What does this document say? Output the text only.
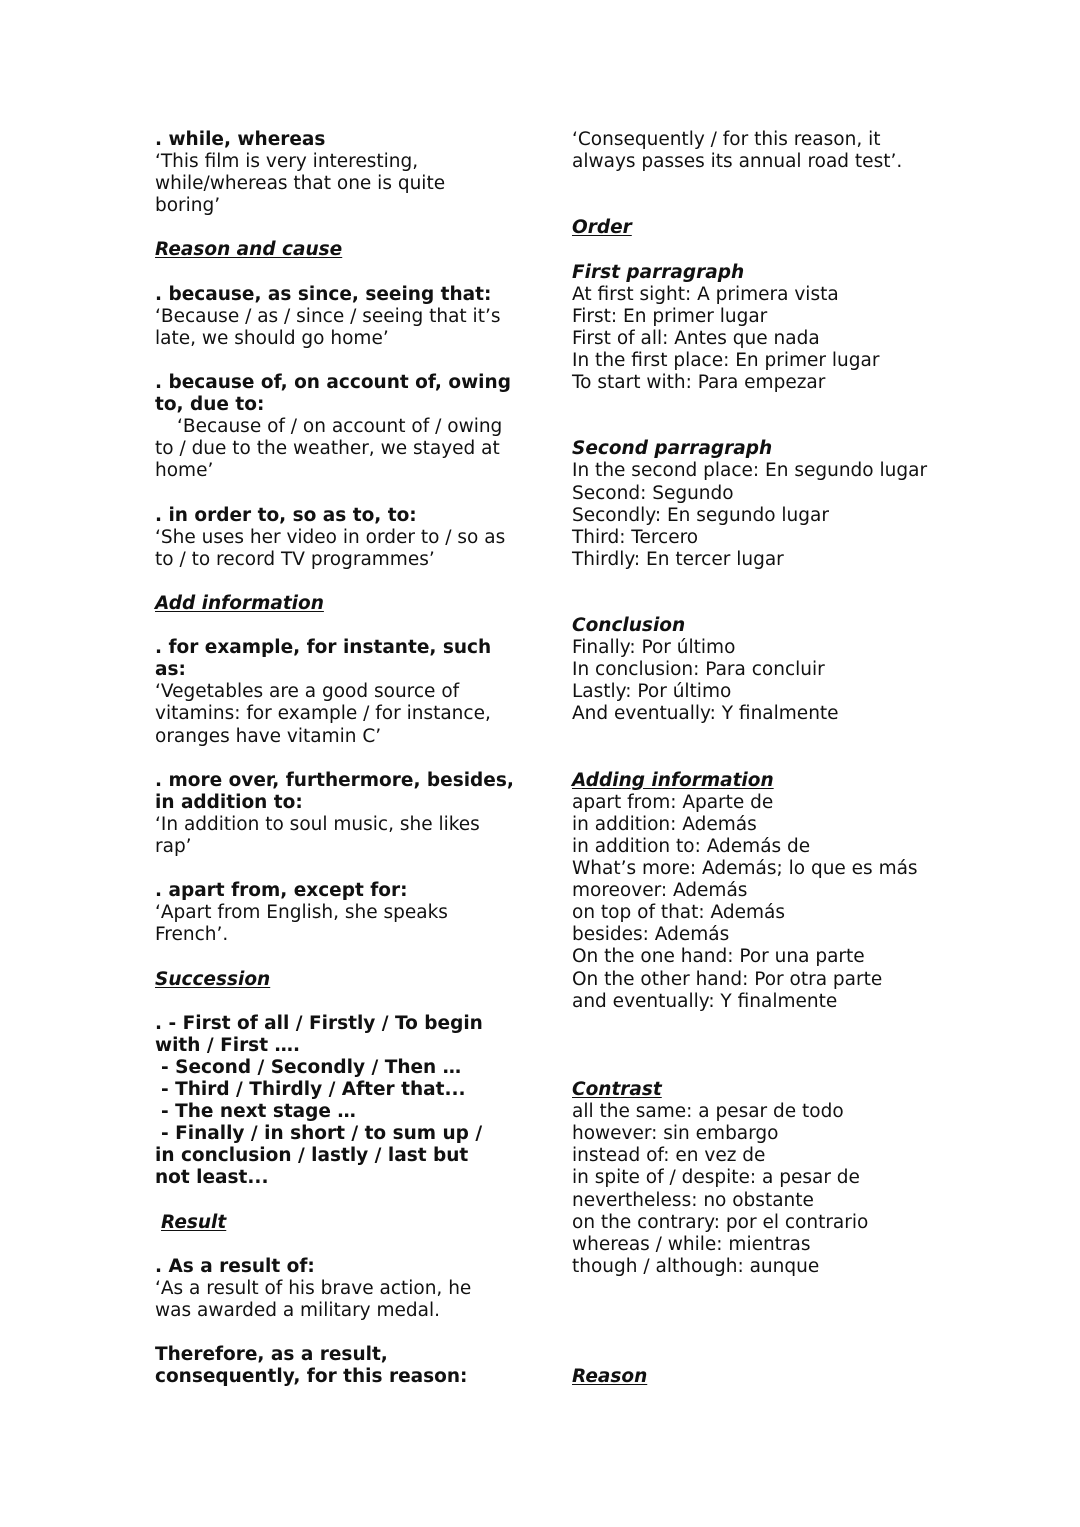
. while, whereas
‘This film is very interesting,
while/whereas that one is quite
boring’
Reason and cause
. because, as since, seeing that:
‘Because / as / since / seeing that it’s
late, we should go home’
. because of, on account of, owing
to, due to:
‘Because of / on account of / owing
to / due to the weather, we stayed at
home’
. in order to, so as to, to:
‘She uses her video in order to / so as
to / to record TV programmes’
Add information
. for example, for instante, such
as:
‘Vegetables are a good source of
vitamins: for example / for instance,
oranges have vitamin C’
. more over, furthermore, besides,
in addition to:
‘In addition to soul music, she likes
rap’
. apart from, except for:
‘Apart from English, she speaks
French’.
Succession
. - First of all / Firstly / To begin
with / First ….
- Second / Secondly / Then …
- Third / Thirdly / After that...
- The next stage …
- Finally / in short / to sum up /
in conclusion / lastly / last but
not least...
Result
. As a result of:
‘As a result of his brave action, he
was awarded a military medal.
Therefore, as a result,
consequently, for this reason:
‘Consequently / for this reason, it
always passes its annual road test’.
Order
First parragraph
At first sight: A primera vista
First: En primer lugar
First of all: Antes que nada
In the first place: En primer lugar
To start with: Para empezar
Second parragraph
In the second place: En segundo lugar
Second: Segundo
Secondly: En segundo lugar
Third: Tercero
Thirdly: En tercer lugar
Conclusion
Finally: Por último
In conclusion: Para concluir
Lastly: Por último
And eventually: Y finalmente
Adding information
apart from: Aparte de
in addition: Además
in addition to: Además de
What’s more: Además; lo que es más
moreover: Además
on top of that: Además
besides: Además
On the one hand: Por una parte
On the other hand: Por otra parte
and eventually: Y finalmente
Contrast
all the same: a pesar de todo
however: sin embargo
instead of: en vez de
in spite of / despite: a pesar de
nevertheless: no obstante
on the contrary: por el contrario
whereas / while: mientras
though / although: aunque
Reason
